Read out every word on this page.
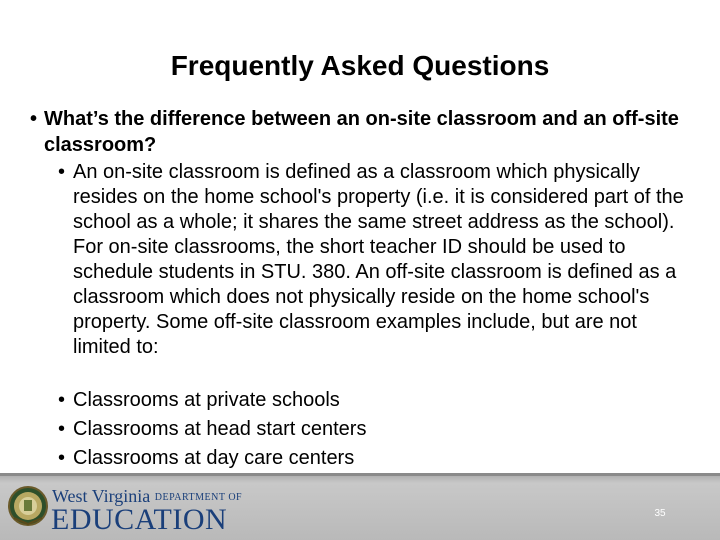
Frequently Asked Questions
• What’s the difference between an on-site classroom and an off-site classroom?
• An on-site classroom is defined as a classroom which physically resides on the home school's property (i.e. it is considered part of the school as a whole; it shares the same street address as the school). For on-site classrooms, the short teacher ID should be used to schedule students in STU. 380. An off-site classroom is defined as a classroom which does not physically reside on the home school's property. Some off-site classroom examples include, but are not limited to:
• Classrooms at private schools
• Classrooms at head start centers
• Classrooms at day care centers
West Virginia DEPARTMENT OF
EDUCATION	35
